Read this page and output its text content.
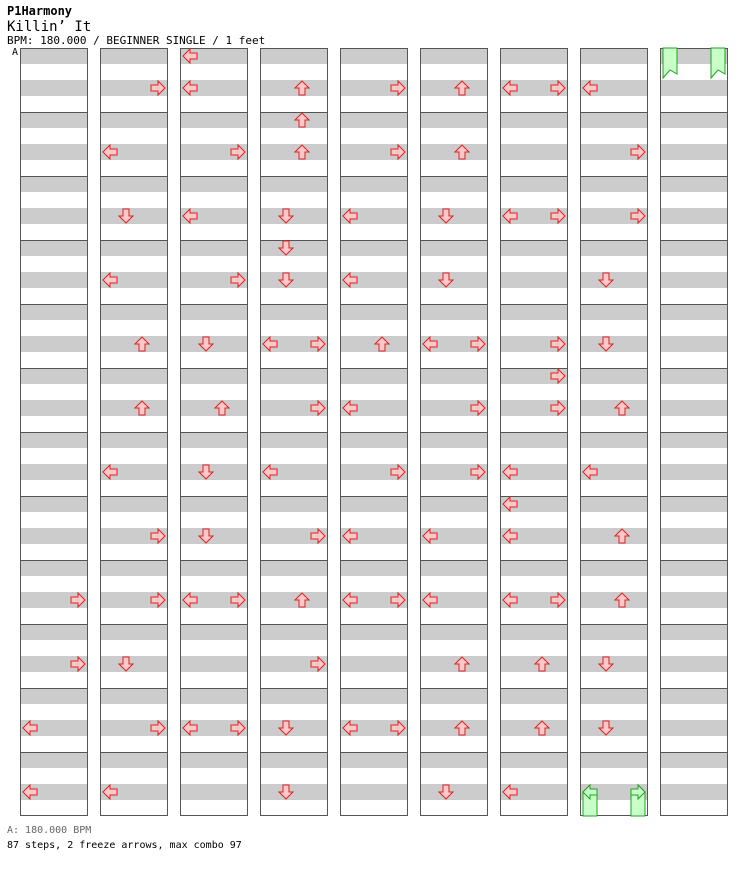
P1Harmony
Killin’ It
BPM: 180.000 / BEGINNER SINGLE / 1 feet
A
A: 180.000 BPM
87 steps, 2 freeze arrows, max combo 97
